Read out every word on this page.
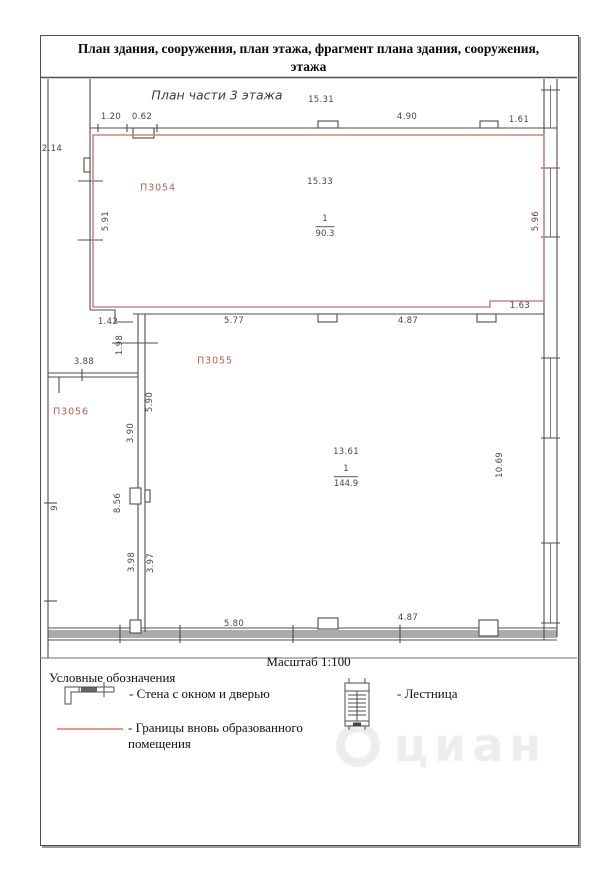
циан
План здания, сооружения, план этажа, фрагмент плана здания, сооружения,
этажа
План части 3 этажа
1.20 0.62
15.31
4.90	1.61
2.14
15.33
5.91	5.96
1.42	5.77	4.87
1.63
1.98
3.88
5.90
3.90
8.56
3.98 3.97
9
13.61
10.69
5.80
4.87
П3054
П3055
П3056
$\frac{1}{90.3}$
$\frac{1}{144.9}$
Масштаб 1:100
Условные обозначения
- Стена с окном и дверью	- Лестница
- Границы вновь образованного помещения
